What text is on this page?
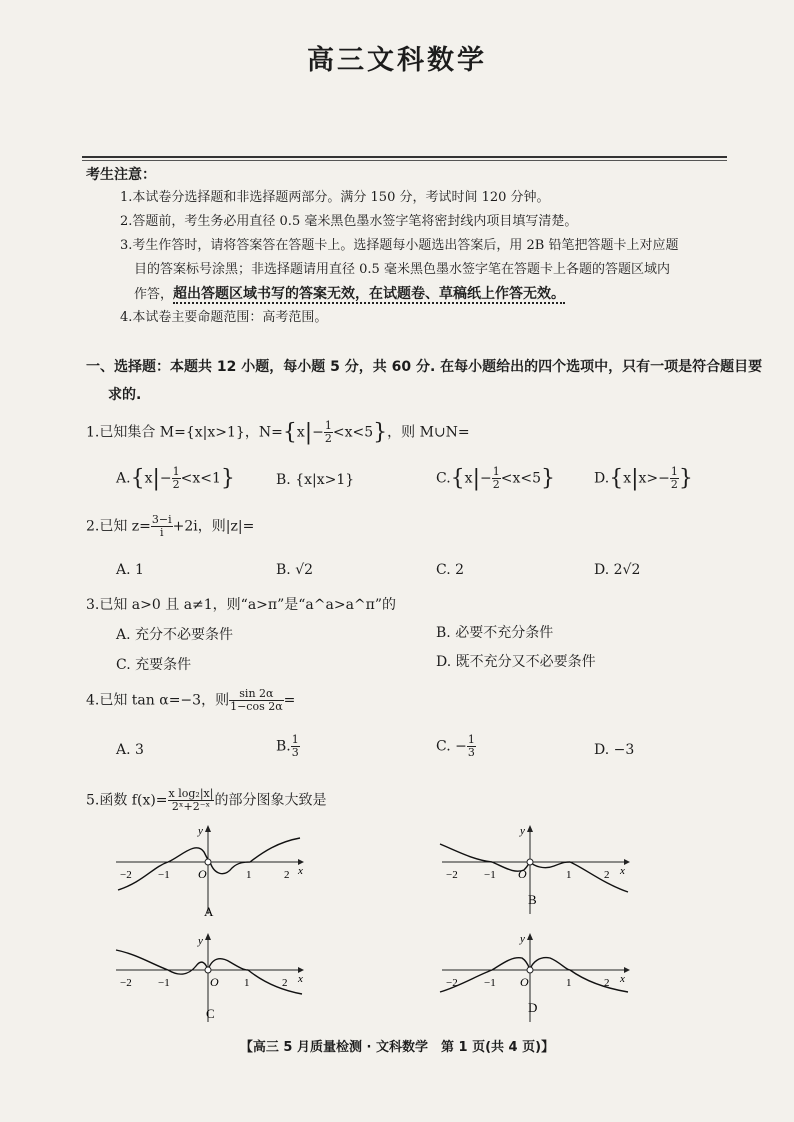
高三文科数学
考生注意：
1.本试卷分选择题和非选择题两部分。满分 150 分，考试时间 120 分钟。
2.答题前，考生务必用直径 0.5 毫米黑色墨水签字笔将密封线内项目填写清楚。
3.考生作答时，请将答案答在答题卡上。选择题每小题选出答案后，用 2B 铅笔把答题卡上对应题
目的答案标号涂黑；非选择题请用直径 0.5 毫米黑色墨水签字笔在答题卡上各题的答题区域内
作答，超出答题区域书写的答案无效，在试题卷、草稿纸上作答无效。
4.本试卷主要命题范围：高考范围。
一、选择题：本题共 12 小题，每小题 5 分，共 60 分. 在每小题给出的四个选项中，只有一项是符合题目要
求的.
1.已知集合 M={x|x>1}，$N=\{x|- \frac{1}{2} <x<5\}$，则 M∪N=
$A.\{x|- \frac{1}{2} <x<1\}$	B. {x|x>1}	$C.\{x|- \frac{1}{2} <x<5\}$	$D.\{x|x>- \frac{1}{2}$ }
2.已知 $z= \frac{3-i}{i} +2i$，则|z|=
A. 1	B. √2	C. 2	D. 2√2
3.已知 a>0 且 a≠1，则“a>π”是“a^a>a^π”的
A. 充分不必要条件	B. 必要不充分条件
C. 充要条件	D. 既不充分又不必要条件
4.已知 tan α=−3，则 $\frac{\sin 2\alpha}{1-\cos 2\alpha}$ =
A. 3	B. $\frac{1}{3}$	C. − $\frac{1}{3}$	D. −3
5.函数 $f(x)= \frac{\text{x log₂|x|}}{\text{2ˣ+2⁻ˣ}}$ 的部分图象大致是
y
x
O
−2 −1	1	2
A
y
x
O
−2 −1	1	2
B
y
x
O
−2 −1	1	2
C
y
x
O
−2 −1	1	2
D
【高三 5 月质量检测 · 文科数学　第 1 页(共 4 页)】
